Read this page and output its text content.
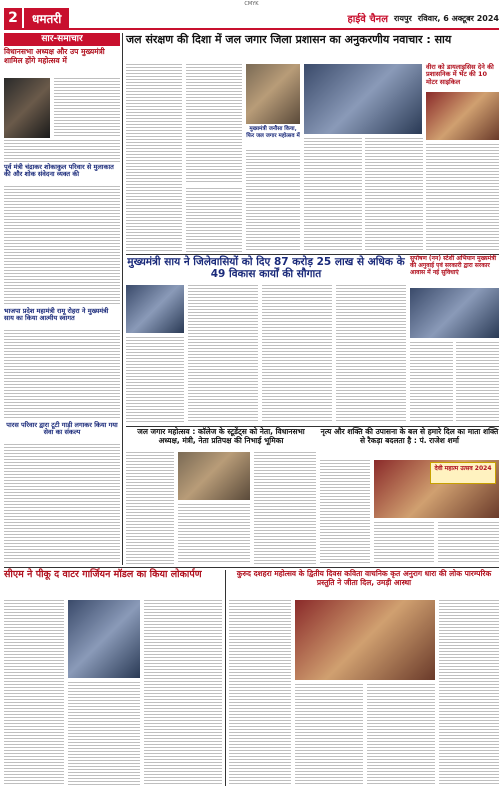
CMYK
2	धमतरी	हाईवे चैनल रायपुर रविवार, 6 अक्टूबर 2024
सार-समाचार
विधानसभा अध्यक्ष और उप मुख्यमंत्री शामिल होंगे महोत्सव में
पूर्व मंत्री चंद्राकर शोकाकुल परिवार से मुलाकात की और शोक संवेदना व्यक्त की
भाजपा प्रदेश महामंत्री रामू रोहरा ने मुख्यमंत्री साय का किया आत्मीय स्वागत
पारस परिवार द्वारा टूटी गाड़ी लगाकर किया गया सेवा का संकल्प
जल संरक्षण की दिशा में जल जगार जिला प्रशासन का अनुकरणीय नवाचार : साय
मुख्यमंत्री जनौसा किया, फिर जल जगार महोत्सव में
वीरा को डायलाइसिस देने की प्रशासनिक में भेंट की 10 मोटर साइकिल
मुख्यमंत्री साय ने जिलेवासियों को दिए 87 करोड़ 25 लाख से अधिक के 49 विकास कार्यों की सौगात
सुपोषण (नन) स्टेशी अभियान मुख्यमंत्री की अगुवाई एवं सरकारी द्वारा सरकार आवास में नई सुविधाएं
जल जगार महोत्सव : कॉलेज के स्टूडेंट्स को नेता, विधानसभा अध्यक्ष, मंत्री, नेता प्रतिपक्ष की निभाई भूमिका
नृत्य और शक्ति की उपासना के बल से हमारे दिल का माता शक्ति से रैकड़ा बदलता है : पं. राजेश शर्मा
देवी महात्म उत्सव 2024
सीएम ने पीकू द वाटर गार्जियन मॉडल का किया लोकार्पण	कुरुद दशहरा महोत्सव के द्वितीय दिवस कविता वाचनिक कृत अनुराग धारा की लोक पारम्परिक प्रस्तुति ने जीता दिल, उमड़ी आस्था
